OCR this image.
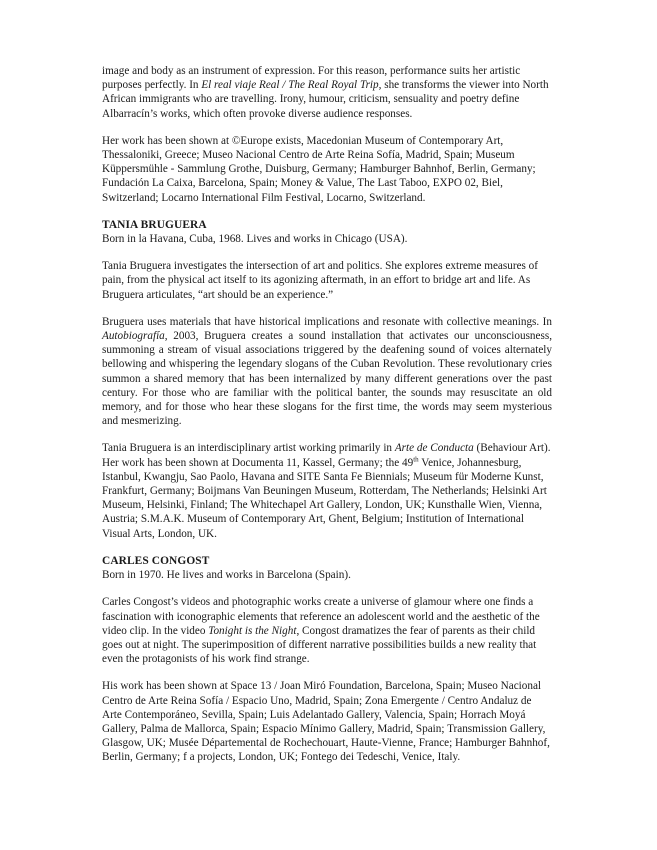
image and body as an instrument of expression. For this reason, performance suits her artistic purposes perfectly. In El real viaje Real / The Real Royal Trip, she transforms the viewer into North African immigrants who are travelling. Irony, humour, criticism, sensuality and poetry define Albarracín’s works, which often provoke diverse audience responses.

Her work has been shown at ©Europe exists, Macedonian Museum of Contemporary Art, Thessaloniki, Greece; Museo Nacional Centro de Arte Reina Sofía, Madrid, Spain; Museum Küppersmühle - Sammlung Grothe, Duisburg, Germany; Hamburger Bahnhof, Berlin, Germany; Fundación La Caixa, Barcelona, Spain; Money & Value, The Last Taboo, EXPO 02, Biel, Switzerland; Locarno International Film Festival, Locarno, Switzerland.

TANIA BRUGUERA

Born in la Havana, Cuba, 1968. Lives and works in Chicago (USA).

Tania Bruguera investigates the intersection of art and politics. She explores extreme measures of pain, from the physical act itself to its agonizing aftermath, in an effort to bridge art and life. As Bruguera articulates, “art should be an experience.”

Bruguera uses materials that have historical implications and resonate with collective meanings. In Autobiografía, 2003, Bruguera creates a sound installation that activates our unconsciousness, summoning a stream of visual associations triggered by the deafening sound of voices alternately bellowing and whispering the legendary slogans of the Cuban Revolution. These revolutionary cries summon a shared memory that has been internalized by many different generations over the past century. For those who are familiar with the political banter, the sounds may resuscitate an old memory, and for those who hear these slogans for the first time, the words may seem mysterious and mesmerizing.

Tania Bruguera is an interdisciplinary artist working primarily in Arte de Conducta (Behaviour Art). Her work has been shown at Documenta 11, Kassel, Germany; the 49th Venice, Johannesburg, Istanbul, Kwangju, Sao Paolo, Havana and SITE Santa Fe Biennials; Museum für Moderne Kunst, Frankfurt, Germany; Boijmans Van Beuningen Museum, Rotterdam, The Netherlands; Helsinki Art Museum, Helsinki, Finland; The Whitechapel Art Gallery, London, UK; Kunsthalle Wien, Vienna, Austria; S.M.A.K. Museum of Contemporary Art, Ghent, Belgium; Institution of International Visual Arts, London, UK.

CARLES CONGOST

Born in 1970. He lives and works in Barcelona (Spain).

Carles Congost’s videos and photographic works create a universe of glamour where one finds a fascination with iconographic elements that reference an adolescent world and the aesthetic of the video clip. In the video Tonight is the Night, Congost dramatizes the fear of parents as their child goes out at night. The superimposition of different narrative possibilities builds a new reality that even the protagonists of his work find strange.

His work has been shown at Space 13 / Joan Miró Foundation, Barcelona, Spain; Museo Nacional Centro de Arte Reina Sofía / Espacio Uno, Madrid, Spain; Zona Emergente / Centro Andaluz de Arte Contemporáneo, Sevilla, Spain; Luis Adelantado Gallery, Valencia, Spain; Horrach Moyá Gallery, Palma de Mallorca, Spain; Espacio Mínimo Gallery, Madrid, Spain; Transmission Gallery, Glasgow, UK; Musée Départemental de Rochechouart, Haute-Vienne, France; Hamburger Bahnhof, Berlin, Germany; f a projects, London, UK; Fontego dei Tedeschi, Venice, Italy.
